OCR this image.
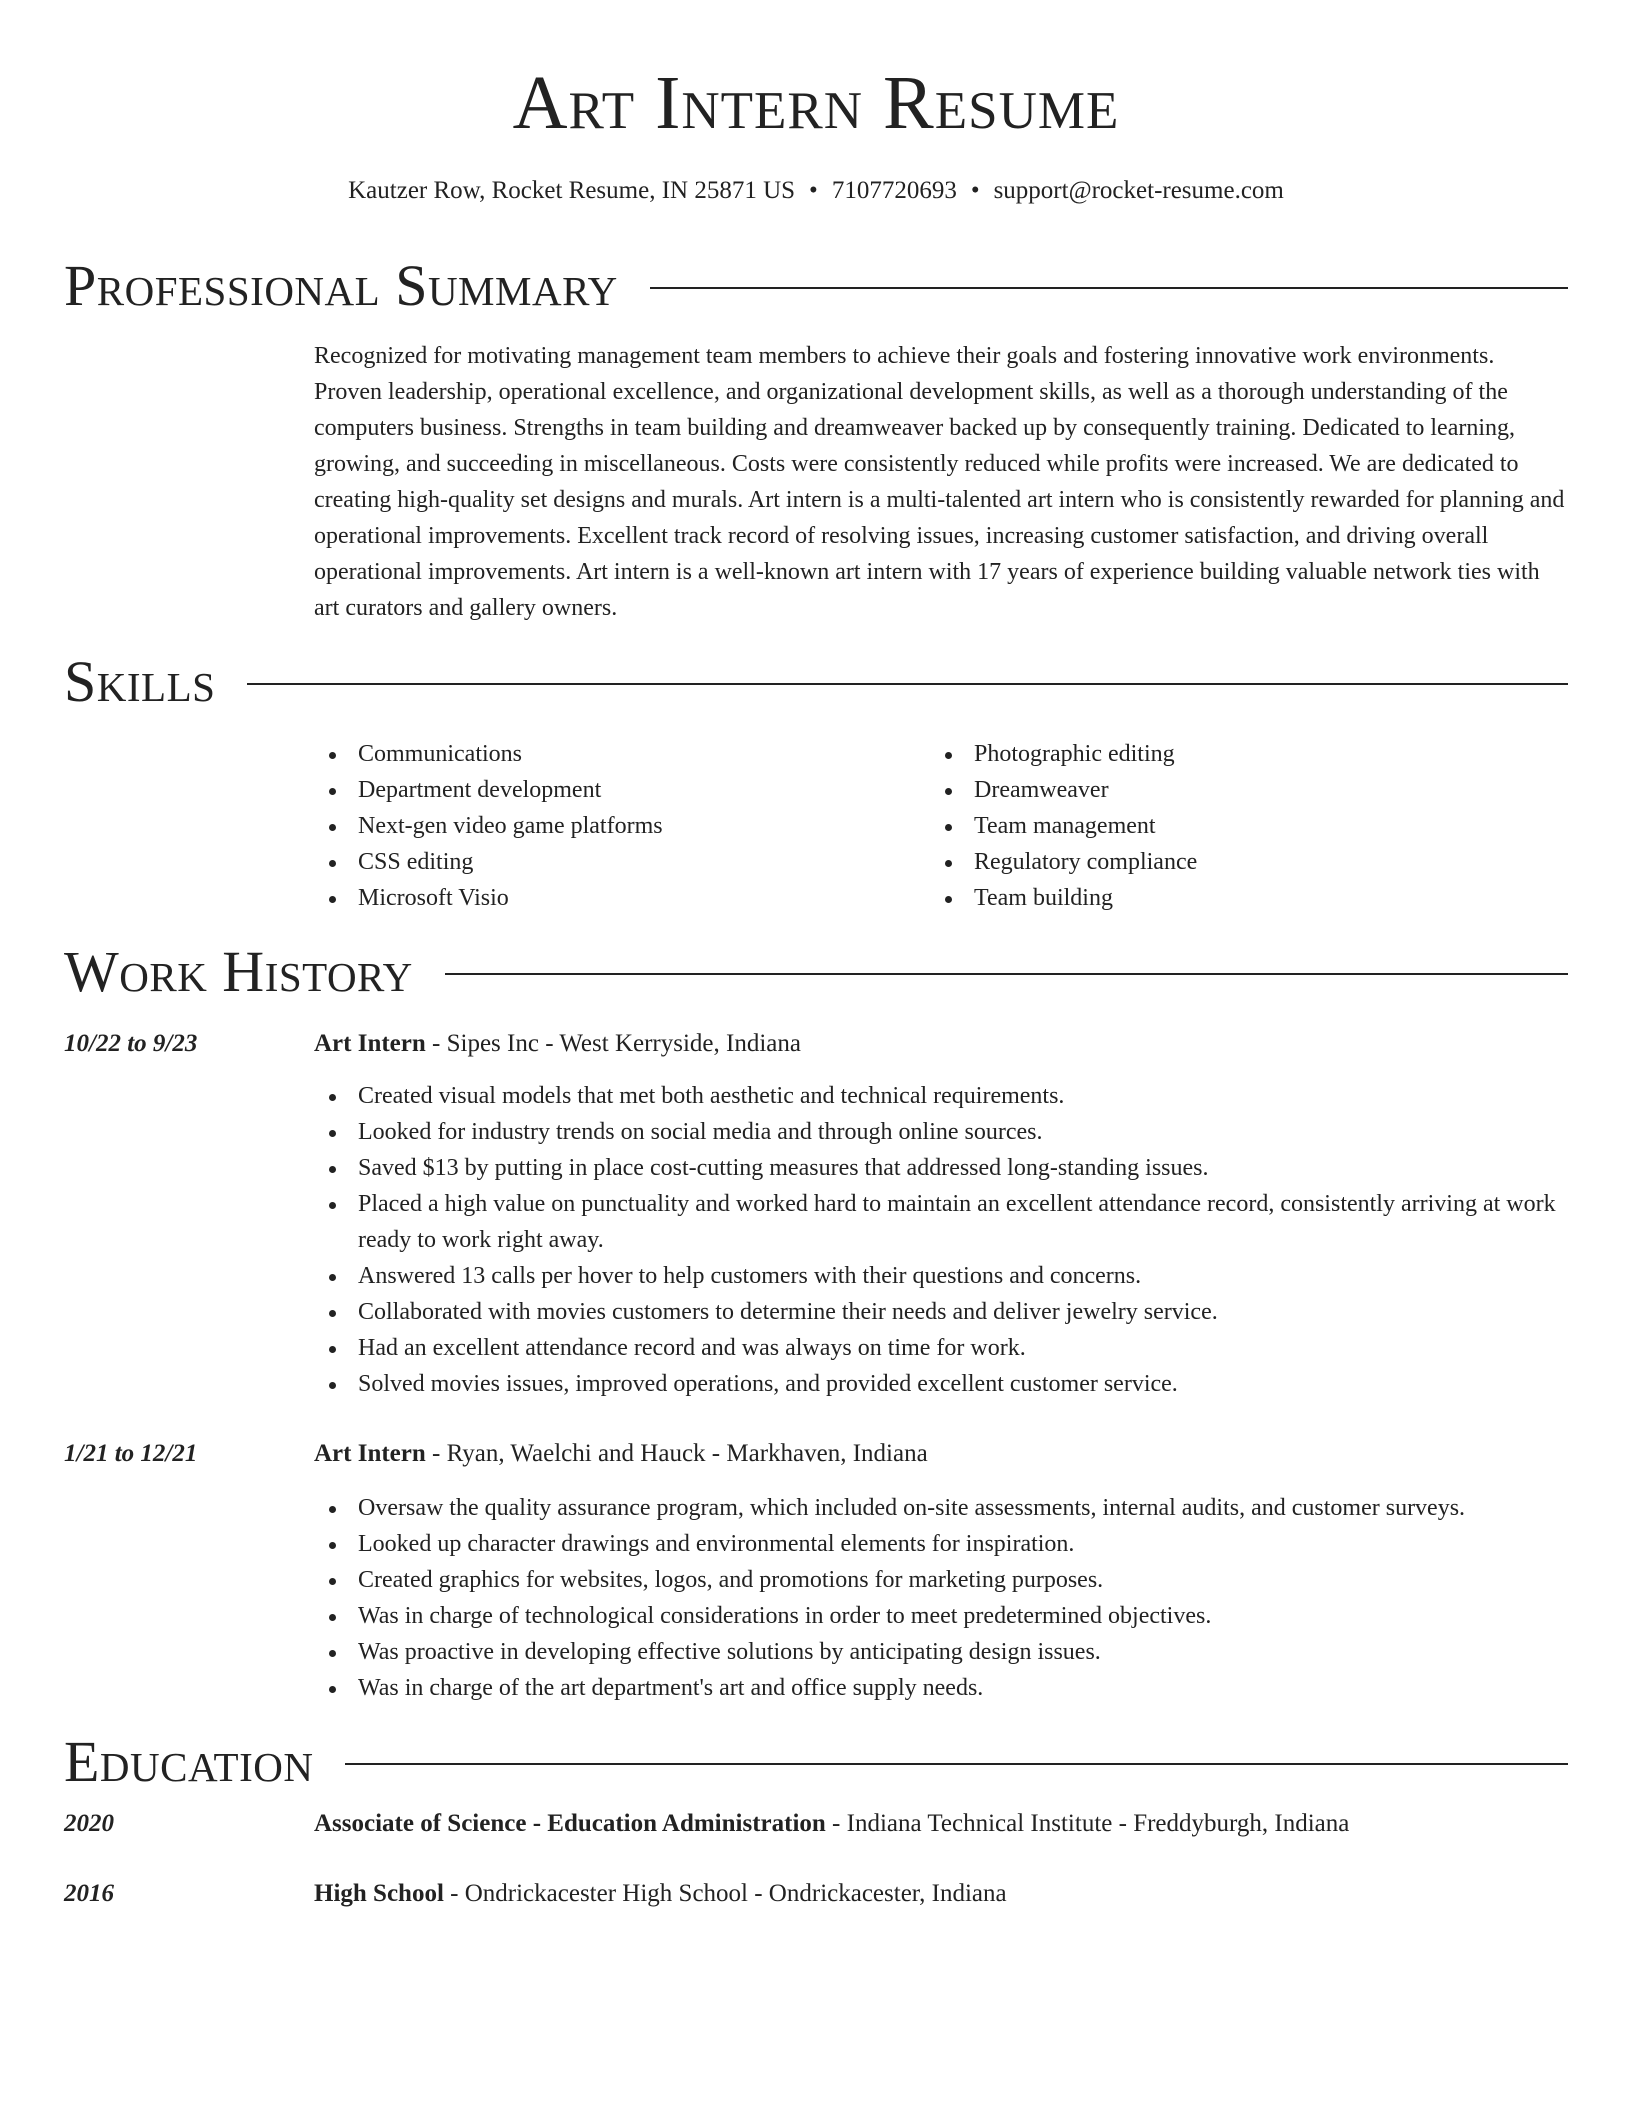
Art Intern Resume
Kautzer Row, Rocket Resume, IN 25871 US • 7107720693 • support@rocket-resume.com
Professional Summary

Recognized for motivating management team members to achieve their goals and fostering innovative work environments. Proven leadership, operational excellence, and organizational development skills, as well as a thorough understanding of the computers business. Strengths in team building and dreamweaver backed up by consequently training. Dedicated to learning, growing, and succeeding in miscellaneous. Costs were consistently reduced while profits were increased. We are dedicated to creating high-quality set designs and murals. Art intern is a multi-talented art intern who is consistently rewarded for planning and operational improvements. Excellent track record of resolving issues, increasing customer satisfaction, and driving overall operational improvements. Art intern is a well-known art intern with 17 years of experience building valuable network ties with art curators and gallery owners.

Skills
Communications
Department development
Next-gen video game platforms
CSS editing
Microsoft Visio
Photographic editing
Dreamweaver
Team management
Regulatory compliance
Team building
Work History
10/22 to 9/23	Art Intern - Sipes Inc - West Kerryside, Indiana
Created visual models that met both aesthetic and technical requirements.
Looked for industry trends on social media and through online sources.
Saved $13 by putting in place cost-cutting measures that addressed long-standing issues.
Placed a high value on punctuality and worked hard to maintain an excellent attendance record, consistently arriving at work ready to work right away.
Answered 13 calls per hover to help customers with their questions and concerns.
Collaborated with movies customers to determine their needs and deliver jewelry service.
Had an excellent attendance record and was always on time for work.
Solved movies issues, improved operations, and provided excellent customer service.
1/21 to 12/21	Art Intern - Ryan, Waelchi and Hauck - Markhaven, Indiana
Oversaw the quality assurance program, which included on-site assessments, internal audits, and customer surveys.
Looked up character drawings and environmental elements for inspiration.
Created graphics for websites, logos, and promotions for marketing purposes.
Was in charge of technological considerations in order to meet predetermined objectives.
Was proactive in developing effective solutions by anticipating design issues.
Was in charge of the art department's art and office supply needs.
Education
2020	Associate of Science - Education Administration - Indiana Technical Institute - Freddyburgh, Indiana
2016	High School - Ondrickacester High School - Ondrickacester, Indiana
